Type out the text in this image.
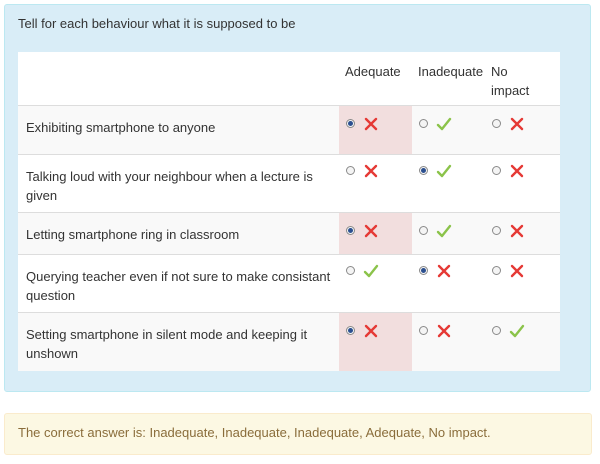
Tell for each behaviour what it is supposed to be
	Adequate	Inadequate	No impact
Exhibiting smartphone to anyone	

Talking loud with your neighbour when a lecture is given	

Letting smartphone ring in classroom	

Querying teacher even if not sure to make consistant question	

Setting smartphone in silent mode and keeping it unshown	

The correct answer is: Inadequate, Inadequate, Inadequate, Adequate, No impact.
